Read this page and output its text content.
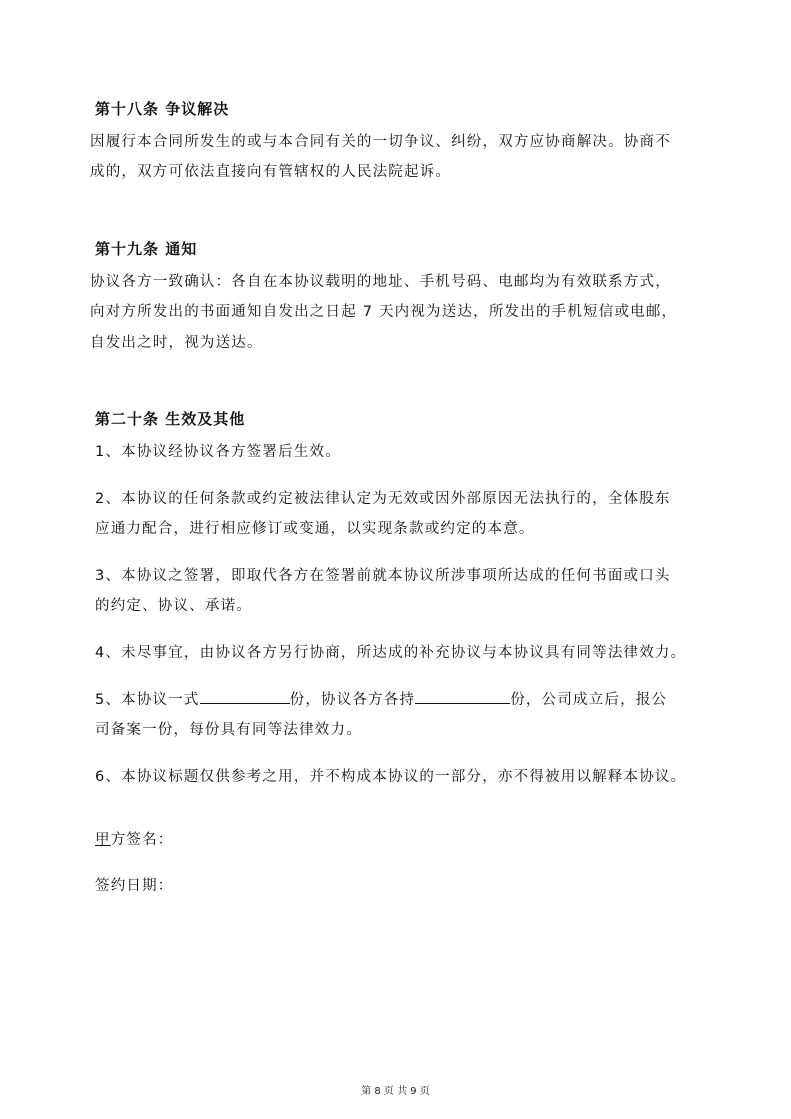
第十八条 争议解决
因履行本合同所发生的或与本合同有关的一切争议、纠纷，双方应协商解决。协商不
成的，双方可依法直接向有管辖权的人民法院起诉。
第十九条 通知
协议各方一致确认：各自在本协议载明的地址、手机号码、电邮均为有效联系方式，
向对方所发出的书面通知自发出之日起 7 天内视为送达，所发出的手机短信或电邮，
自发出之时，视为送达。
第二十条 生效及其他
1、本协议经协议各方签署后生效。
2、本协议的任何条款或约定被法律认定为无效或因外部原因无法执行的，全体股东
应通力配合，进行相应修订或变通，以实现条款或约定的本意。
3、本协议之签署，即取代各方在签署前就本协议所涉事项所达成的任何书面或口头
的约定、协议、承诺。
4、未尽事宜，由协议各方另行协商，所达成的补充协议与本协议具有同等法律效力。
5、本协议一式	份，协议各方各持	份，公司成立后，报公
司备案一份，每份具有同等法律效力。
6、本协议标题仅供参考之用，并不构成本协议的一部分，亦不得被用以解释本协议。
甲方签名：
签约日期：
第 8 页 共 9 页
